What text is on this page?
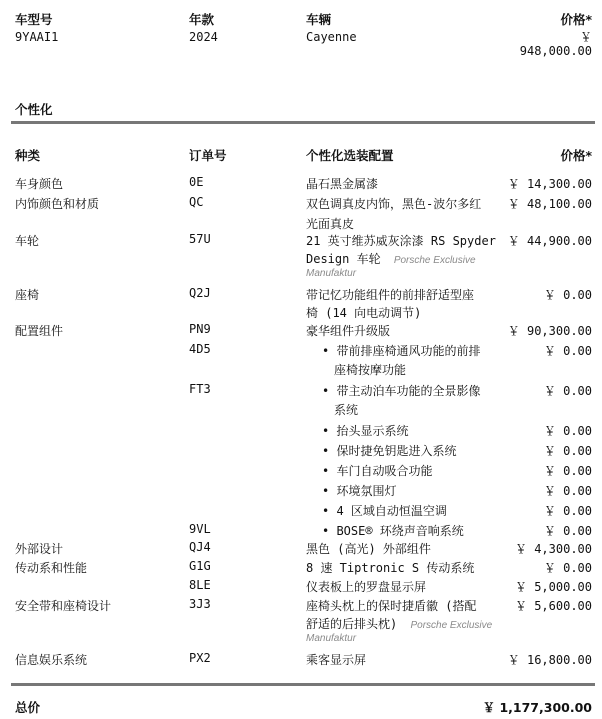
车型号	年款	车辆	价格*
9YAAI1	2024	Cayenne	￥
948,000.00
个性化
种类	订单号	个性化选装配置	价格*
车身颜色	0E	晶石黑金属漆	￥ 14,300.00
内饰颜色和材质	QC	双色调真皮内饰，黑色-波尔多红
光面真皮
￥ 48,100.00
车轮	57U	21 英寸维苏威灰涂漆 RS Spyder
Design 车轮 Porsche Exclusive
Manufaktur
￥ 44,900.00
座椅	Q2J	带记忆功能组件的前排舒适型座
椅 (14 向电动调节)
￥ 0.00
配置组件	PN9	豪华组件升级版	￥ 90,300.00
4D5	• 带前排座椅通风功能的前排
座椅按摩功能
￥ 0.00
FT3	• 带主动泊车功能的全景影像
系统
￥ 0.00
• 抬头显示系统	￥ 0.00
• 保时捷免钥匙进入系统	￥ 0.00
• 车门自动吸合功能	￥ 0.00
• 环境氛围灯	￥ 0.00
• 4 区域自动恒温空调	￥ 0.00
9VL	• BOSE® 环绕声音响系统	￥ 0.00
外部设计	QJ4	黑色 (高光) 外部组件	￥ 4,300.00
传动系和性能	G1G	8 速 Tiptronic S 传动系统	￥ 0.00
8LE	仪表板上的罗盘显示屏	￥ 5,000.00
安全带和座椅设计	3J3	座椅头枕上的保时捷盾徽 (搭配
舒适的后排头枕) Porsche Exclusive
Manufaktur
￥ 5,600.00
信息娱乐系统	PX2	乘客显示屏	￥ 16,800.00
总价	￥ 1,177,300.00
